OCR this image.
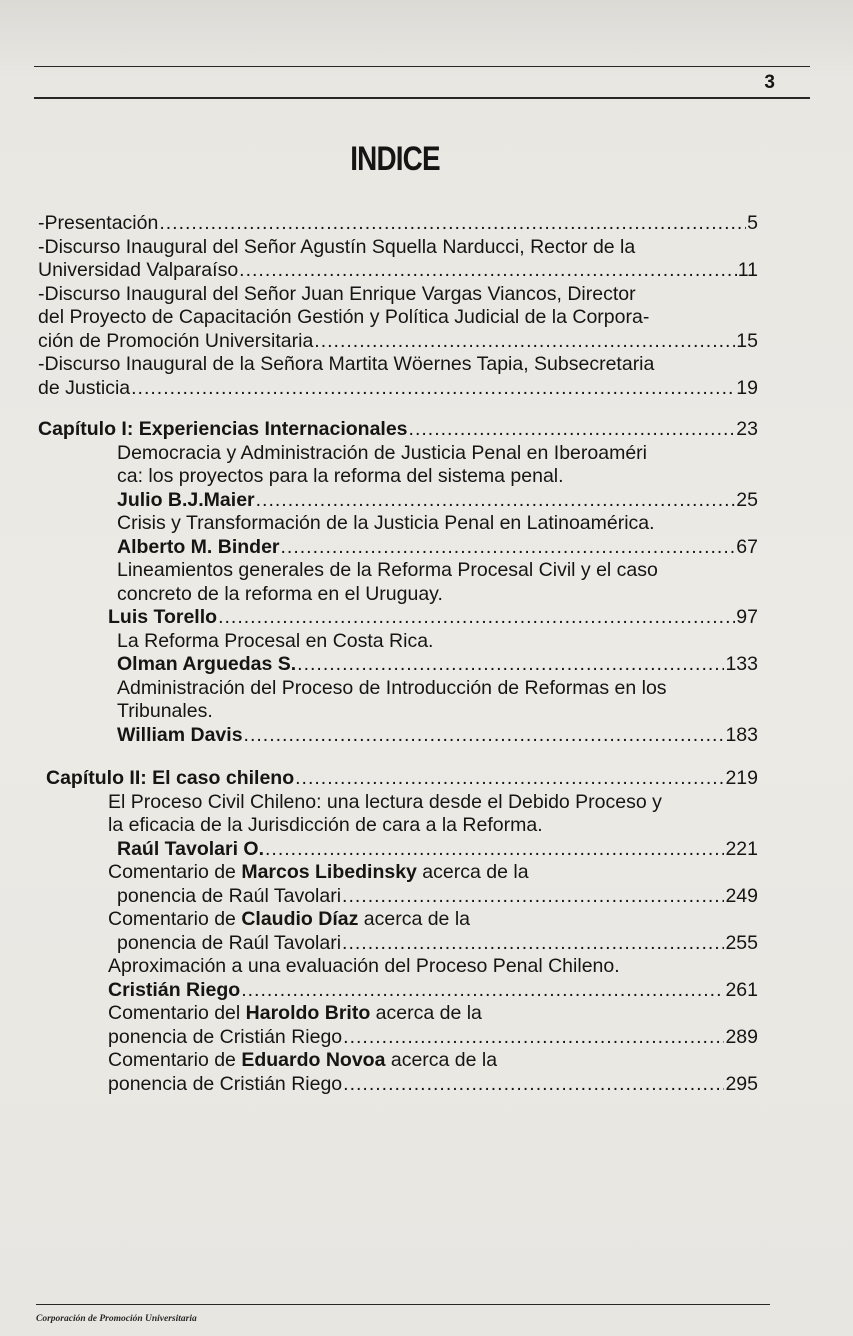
3
INDICE
-Presentación .....	5
-Discurso Inaugural del Señor Agustín Squella Narducci, Rector de la
Universidad Valparaíso .....	11
-Discurso Inaugural del Señor Juan Enrique Vargas Viancos, Director
del Proyecto de Capacitación Gestión y Política Judicial de la Corpora-
ción de Promoción Universitaria .....	15
-Discurso Inaugural de la Señora Martita Wöernes Tapia, Subsecretaria
de Justicia .....	19
Capítulo I: Experiencias Internacionales .....	23
Democracia y Administración de Justicia Penal en Iberoaméri
ca: los proyectos para la reforma del sistema penal.
Julio B.J.Maier .....	25
Crisis y Transformación de la Justicia Penal en Latinoamérica.
Alberto M. Binder .....	67
Lineamientos generales de la Reforma Procesal Civil y el caso
concreto de la reforma en el Uruguay.
Luis Torello .....	97
La Reforma Procesal en Costa Rica.
Olman Arguedas S. .....	133
Administración del Proceso de Introducción de Reformas en los
Tribunales.
William Davis .....	183
Capítulo II: El caso chileno .....	219
El Proceso Civil Chileno: una lectura desde el Debido Proceso y
la eficacia de la Jurisdicción de cara a la Reforma.
Raúl Tavolari O. .....	221
Comentario de Marcos Libedinsky acerca de la
ponencia de Raúl Tavolari .....	249
Comentario de Claudio Díaz acerca de la
ponencia de Raúl Tavolari .....	255
Aproximación a una evaluación del Proceso Penal Chileno.
Cristián Riego .....	261
Comentario del Haroldo Brito acerca de la
ponencia de Cristián Riego .....	289
Comentario de Eduardo Novoa acerca de la
ponencia de Cristián Riego .....	295
Corporación de Promoción Universitaria
